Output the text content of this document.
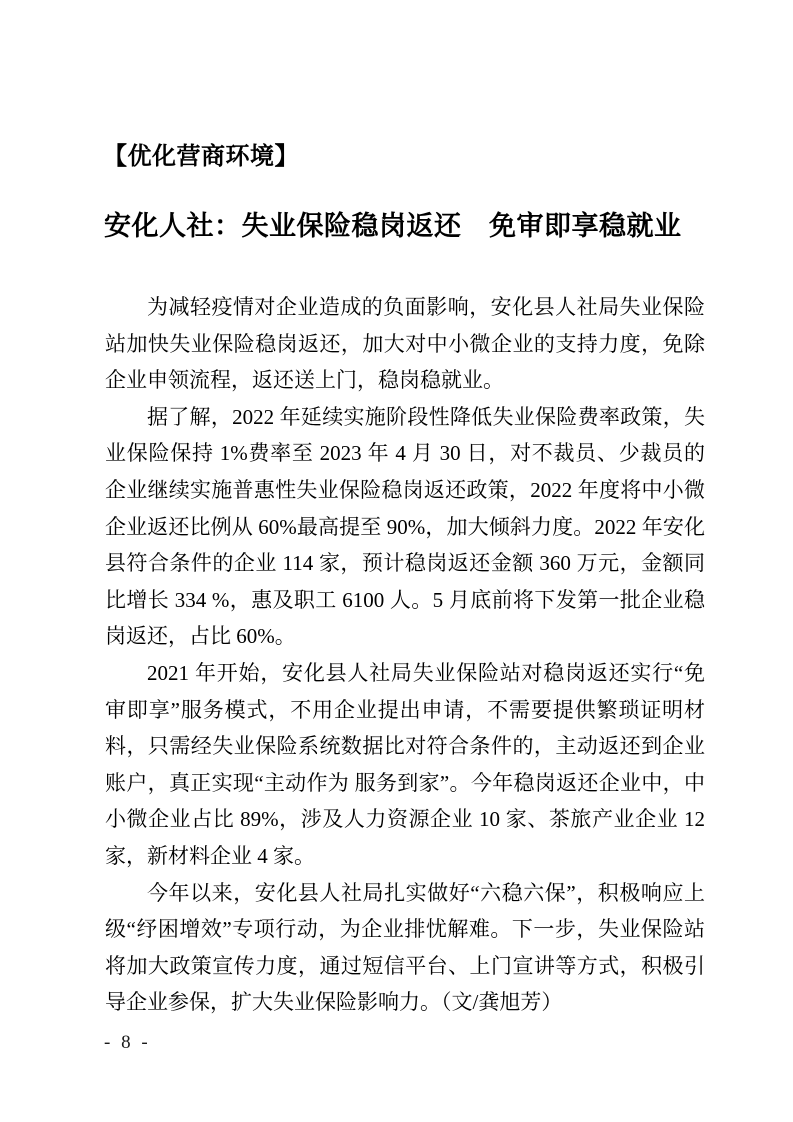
【优化营商环境】
安化人社：失业保险稳岗返还　免审即享稳就业

为减轻疫情对企业造成的负面影响，安化县人社局失业保险站加快失业保险稳岗返还，加大对中小微企业的支持力度，免除企业申领流程，返还送上门，稳岗稳就业。

据了解，2022 年延续实施阶段性降低失业保险费率政策，失业保险保持 1%费率至 2023 年 4 月 30 日，对不裁员、少裁员的企业继续实施普惠性失业保险稳岗返还政策，2022 年度将中小微企业返还比例从 60%最高提至 90%，加大倾斜力度。2022 年安化县符合条件的企业 114 家，预计稳岗返还金额 360 万元，金额同比增长 334 %，惠及职工 6100 人。5 月底前将下发第一批企业稳岗返还，占比 60%。

2021 年开始，安化县人社局失业保险站对稳岗返还实行“免审即享”服务模式，不用企业提出申请，不需要提供繁琐证明材料，只需经失业保险系统数据比对符合条件的，主动返还到企业账户，真正实现“主动作为 服务到家”。今年稳岗返还企业中，中小微企业占比 89%，涉及人力资源企业 10 家、茶旅产业企业 12 家，新材料企业 4 家。

今年以来，安化县人社局扎实做好“六稳六保”，积极响应上级“纾困增效”专项行动，为企业排忧解难。下一步，失业保险站将加大政策宣传力度，通过短信平台、上门宣讲等方式，积极引导企业参保，扩大失业保险影响力。（文/龚旭芳）

- 8 -
